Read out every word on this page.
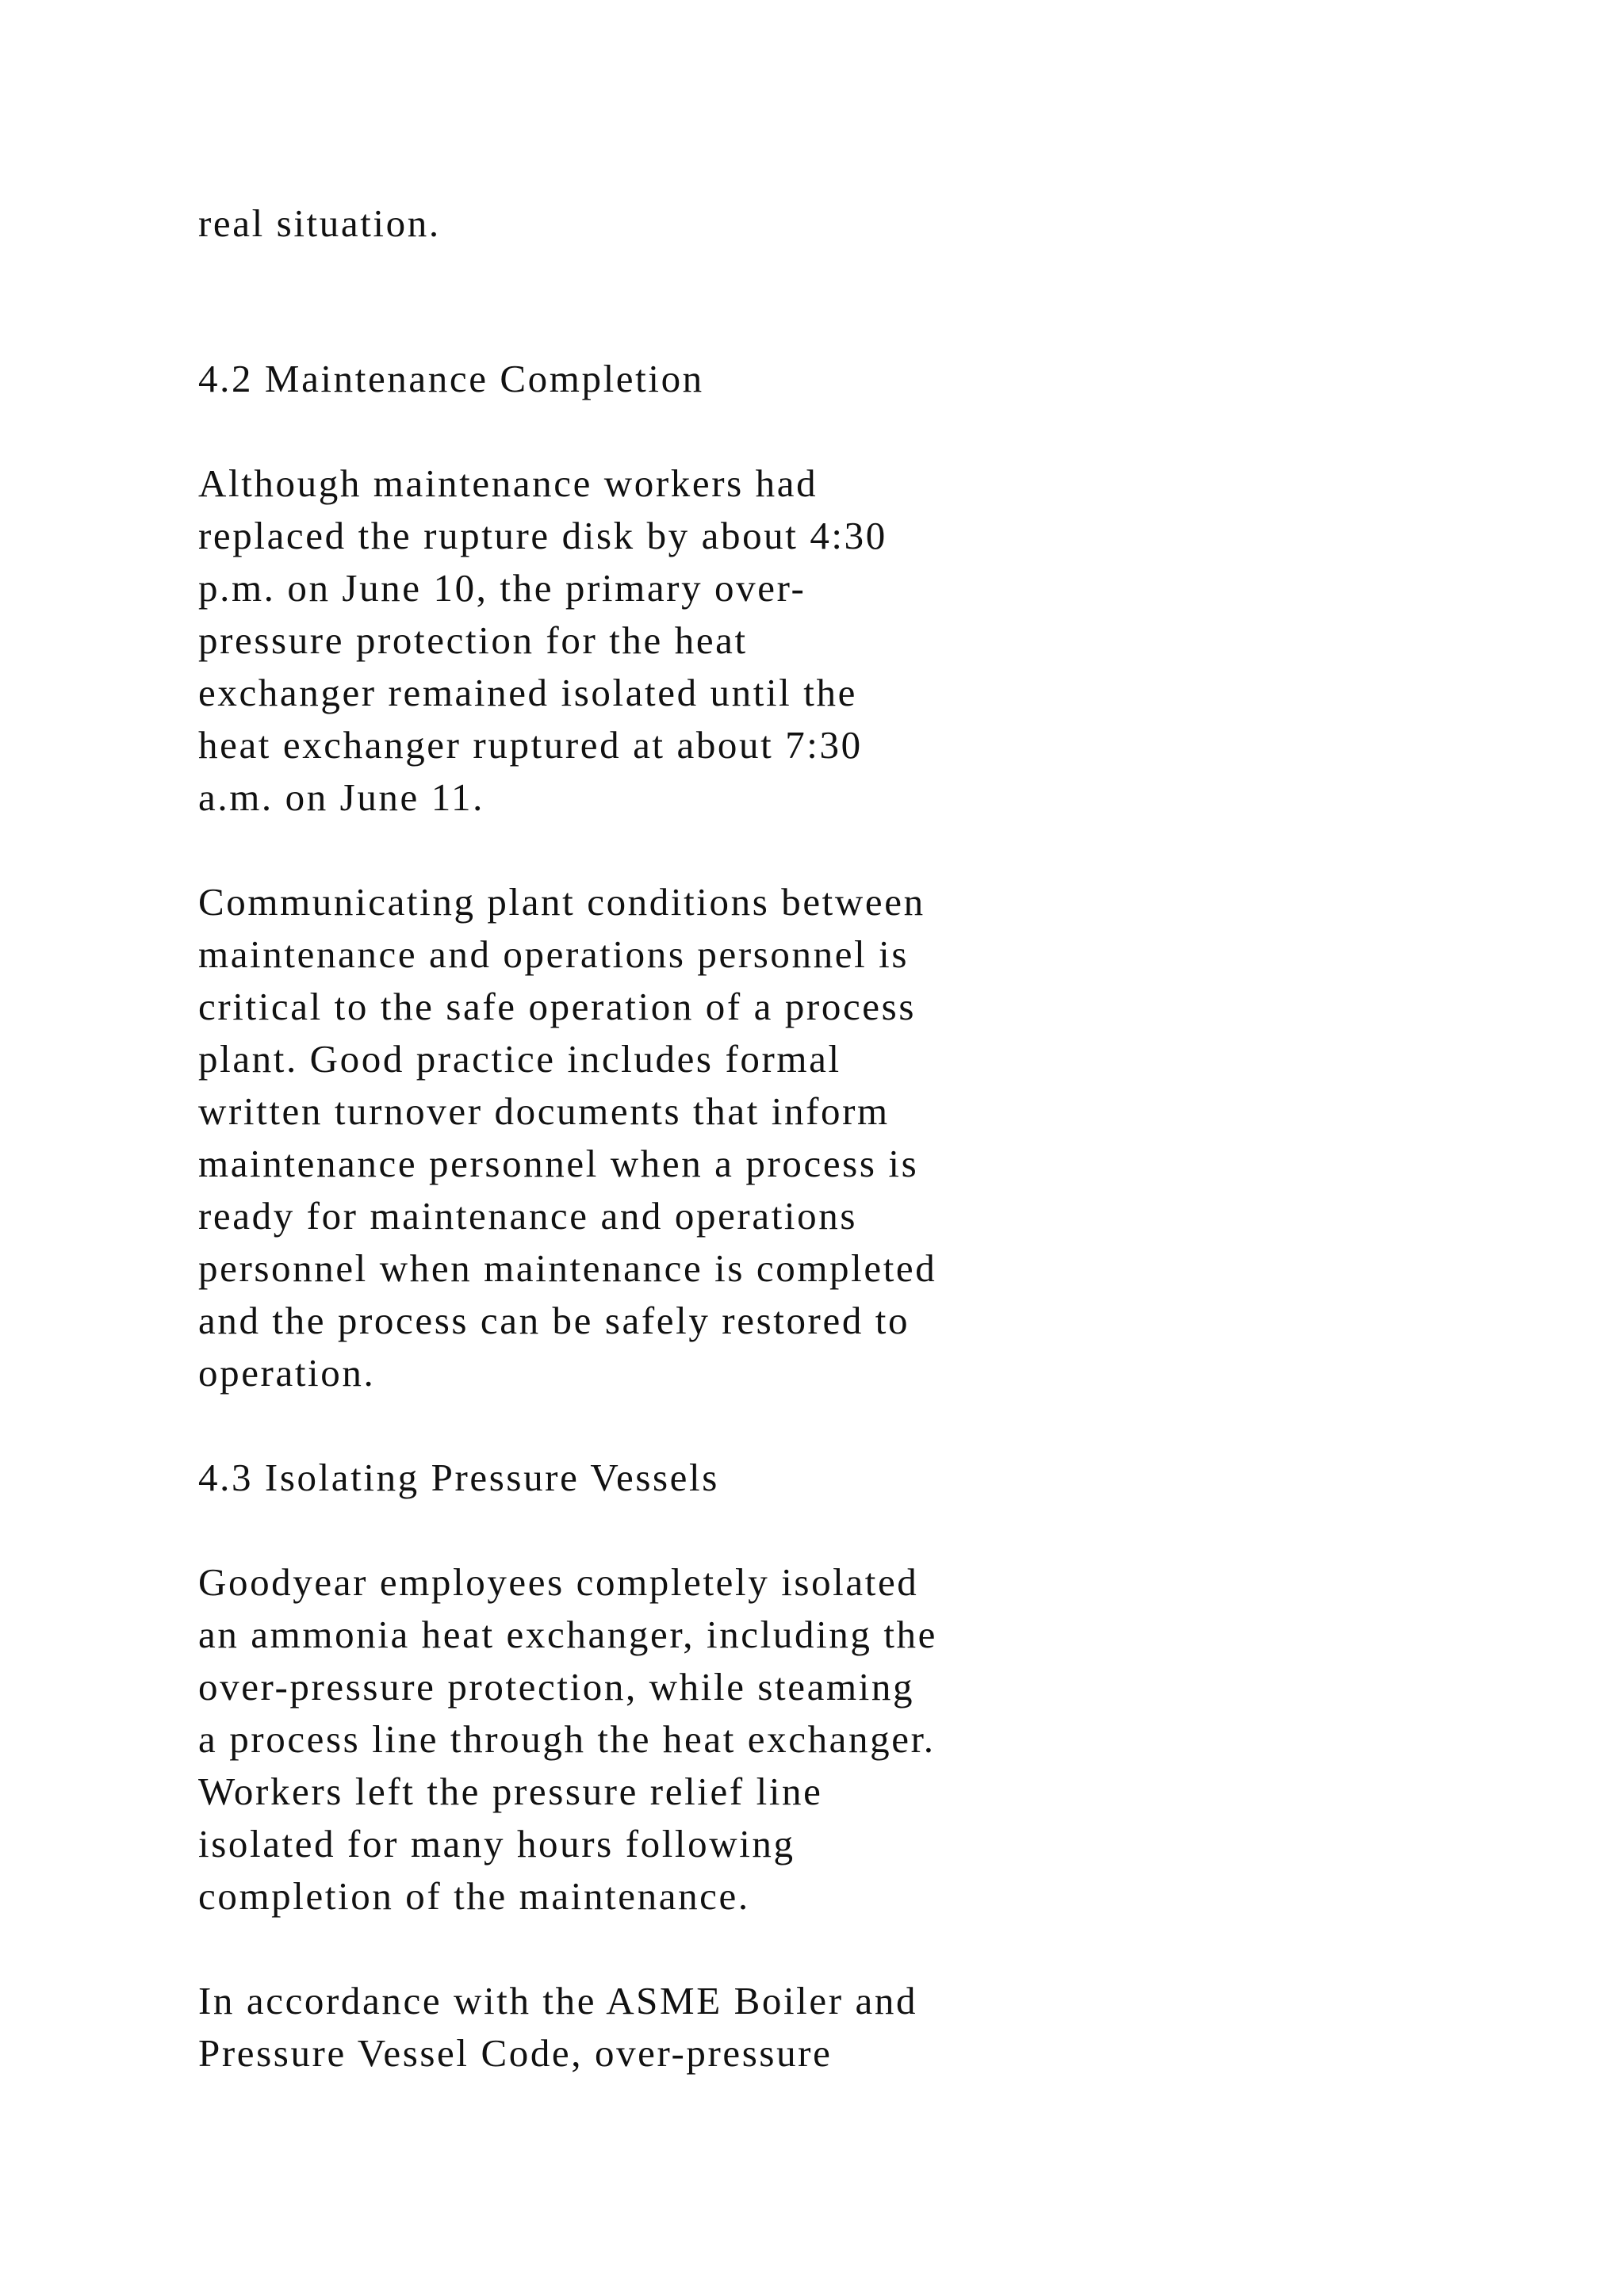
real situation.

4.2 Maintenance Completion

Although maintenance workers had

replaced the rupture disk by about 4:30

p.m. on June 10, the primary over-

pressure protection for the heat

exchanger remained isolated until the

heat exchanger ruptured at about 7:30

a.m. on June 11.

Communicating plant conditions between

maintenance and operations personnel is

critical to the safe operation of a process

plant. Good practice includes formal

written turnover documents that inform

maintenance personnel when a process is

ready for maintenance and operations

personnel when maintenance is completed

and the process can be safely restored to

operation.

4.3 Isolating Pressure Vessels

Goodyear employees completely isolated

an ammonia heat exchanger, including the

over-pressure protection, while steaming

a process line through the heat exchanger.

Workers left the pressure relief line

isolated for many hours following

completion of the maintenance.

In accordance with the ASME Boiler and

Pressure Vessel Code, over-pressure
